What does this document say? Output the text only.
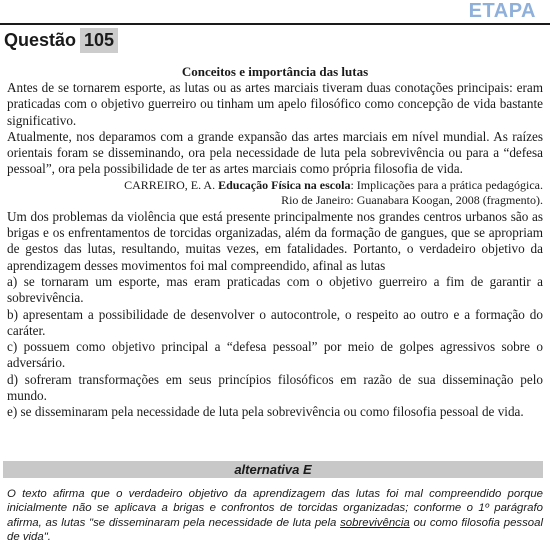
ETAPA
Questão 105
Conceitos e importância das lutas

Antes de se tornarem esporte, as lutas ou as artes marciais tiveram duas conotações principais: eram praticadas com o objetivo guerreiro ou tinham um apelo filosófico como concepção de vida bastante significativo.

Atualmente, nos deparamos com a grande expansão das artes marciais em nível mundial. As raízes orientais foram se disseminando, ora pela necessidade de luta pela sobrevivência ou para a “defesa pessoal”, ora pela possibilidade de ter as artes marciais como própria filosofia de vida.

CARREIRO, E. A. Educação Física na escola: Implicações para a prática pedagógica.
Rio de Janeiro: Guanabara Koogan, 2008 (fragmento).

Um dos problemas da violência que está presente principalmente nos grandes centros urbanos são as brigas e os enfrentamentos de torcidas organizadas, além da formação de gangues, que se apropriam de gestos das lutas, resultando, muitas vezes, em fatalidades. Portanto, o verdadeiro objetivo da aprendizagem desses movimentos foi mal compreendido, afinal as lutas

a) se tornaram um esporte, mas eram praticadas com o objetivo guerreiro a fim de garantir a sobrevivência.

b) apresentam a possibilidade de desenvolver o autocontrole, o respeito ao outro e a formação do caráter.

c) possuem como objetivo principal a “defesa pessoal” por meio de golpes agressivos sobre o adversário.

d) sofreram transformações em seus princípios filosóficos em razão de sua disseminação pelo mundo.

e) se disseminaram pela necessidade de luta pela sobrevivência ou como filosofia pessoal de vida.

alternativa E
O texto afirma que o verdadeiro objetivo da aprendizagem das lutas foi mal compreendido porque inicialmente não se aplicava a brigas e confrontos de torcidas organizadas; conforme o 1º parágrafo afirma, as lutas "se disseminaram pela necessidade de luta pela sobrevivência ou como filosofia pessoal de vida".
